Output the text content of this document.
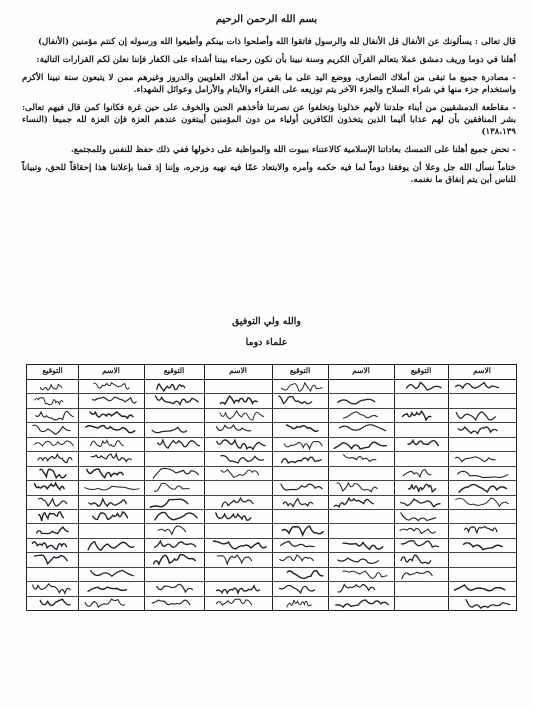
بسم الله الرحمن الرحيم

قال تعالى : يسألونك عن الأنفال قل الأنفال لله والرسول فاتقوا الله وأصلحوا ذات بينكم وأطيعوا الله ورسوله إن كنتم مؤمنين (الأنفال)

أهلنا في دوما وريف دمشق عملا بتعالم القرآن الكريم وسنة نبينا بأن نكون رحماء بيننا أشداء على الكفار فإننا نعلن لكم القرارات التالية:

- مصادرة جميع ما تبقى من أملاك النصارى، ووضع اليد على ما بقي من أملاك العلويين والدروز وغيرهم ممن لا يتبعون سنة نبينا الأكرم واستخدام جزء منها في شراء السلاح والجزء الآخر يتم توزيعه على الفقراء والأيتام والأرامل وعوائل الشهداء.

- مقاطعة الدمشقيين من أبناء جلدتنا لأنهم خذلونا وتخلفوا عن نصرتنا فأخذهم الجبن والخوف على حين غرة فكانوا كمن قال فيهم تعالى: بشر المنافقين بأن لهم عذابا أليما الذين يتخذون الكافرين أولياء من دون المؤمنين أيبتغون عندهم العزة فإن العزة لله جميعا (النساء ١٣٨،١٣٩)

- نحض جميع أهلنا على التمسك بعاداتنا الإسلامية كالاعتناء ببيوت الله والمواظبة على دخولها ففي ذلك حفظ للنفس وللمجتمع.

ختاماً نسأل الله جل وعلا أن يوفقنا دوماً لما فيه حكمه وأمره والابتعاد عمّا فيه نهيه وزجره، وإننا إذ قمنا بإعلاننا هذا إحقاقاً للحق، وتبياناً للناس أين يتم إنفاق ما نغنمه.

والله ولي التوفيق
علماء دوما
الاسم
التوقيع
الاسم
التوقيع
الاسم
التوقيع
الاسم
التوقيع
